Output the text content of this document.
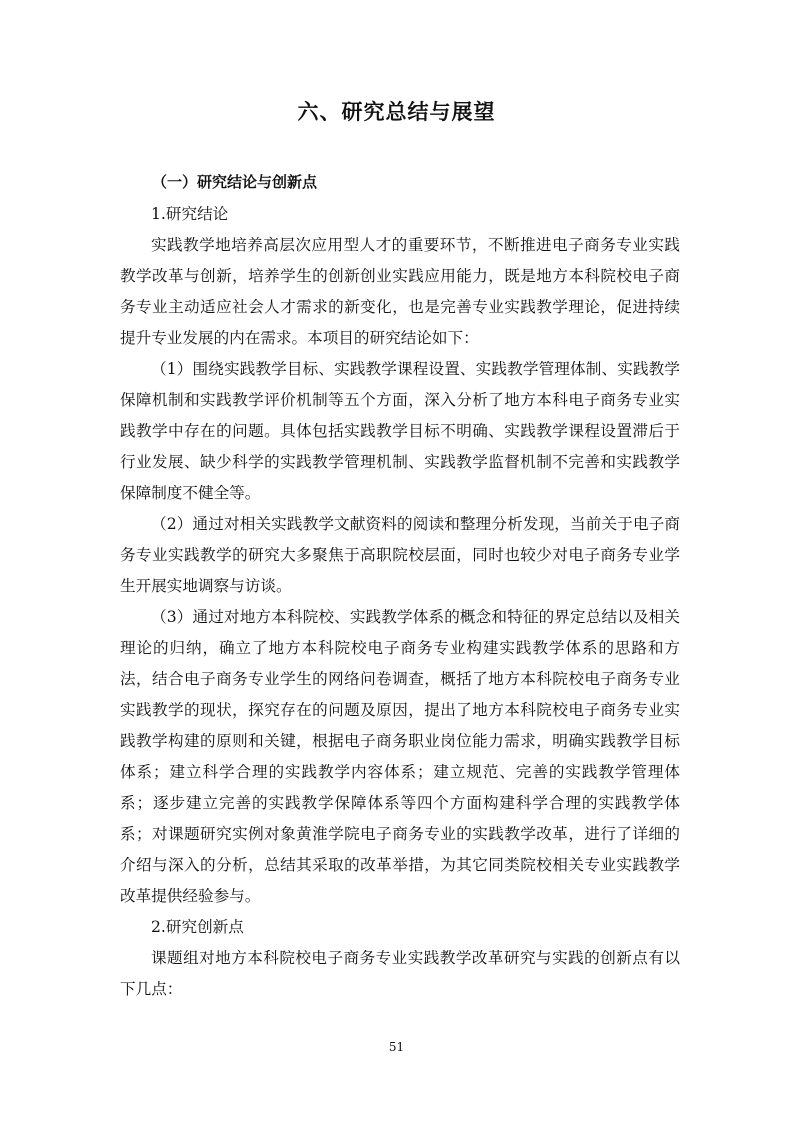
六、研究总结与展望
（一）研究结论与创新点

1.研究结论

实践教学地培养高层次应用型人才的重要环节，不断推进电子商务专业实践教学改革与创新，培养学生的创新创业实践应用能力，既是地方本科院校电子商务专业主动适应社会人才需求的新变化，也是完善专业实践教学理论，促进持续提升专业发展的内在需求。本项目的研究结论如下：

（1）围绕实践教学目标、实践教学课程设置、实践教学管理体制、实践教学保障机制和实践教学评价机制等五个方面，深入分析了地方本科电子商务专业实践教学中存在的问题。具体包括实践教学目标不明确、实践教学课程设置滞后于行业发展、缺少科学的实践教学管理机制、实践教学监督机制不完善和实践教学保障制度不健全等。

（2）通过对相关实践教学文献资料的阅读和整理分析发现，当前关于电子商务专业实践教学的研究大多聚焦于高职院校层面，同时也较少对电子商务专业学生开展实地调察与访谈。

（3）通过对地方本科院校、实践教学体系的概念和特征的界定总结以及相关理论的归纳，确立了地方本科院校电子商务专业构建实践教学体系的思路和方法，结合电子商务专业学生的网络问卷调查，概括了地方本科院校电子商务专业实践教学的现状，探究存在的问题及原因，提出了地方本科院校电子商务专业实践教学构建的原则和关键，根据电子商务职业岗位能力需求，明确实践教学目标体系；建立科学合理的实践教学内容体系；建立规范、完善的实践教学管理体系；逐步建立完善的实践教学保障体系等四个方面构建科学合理的实践教学体系；对课题研究实例对象黄淮学院电子商务专业的实践教学改革，进行了详细的介绍与深入的分析，总结其采取的改革举措，为其它同类院校相关专业实践教学改革提供经验参与。

2.研究创新点

课题组对地方本科院校电子商务专业实践教学改革研究与实践的创新点有以下几点：

51
